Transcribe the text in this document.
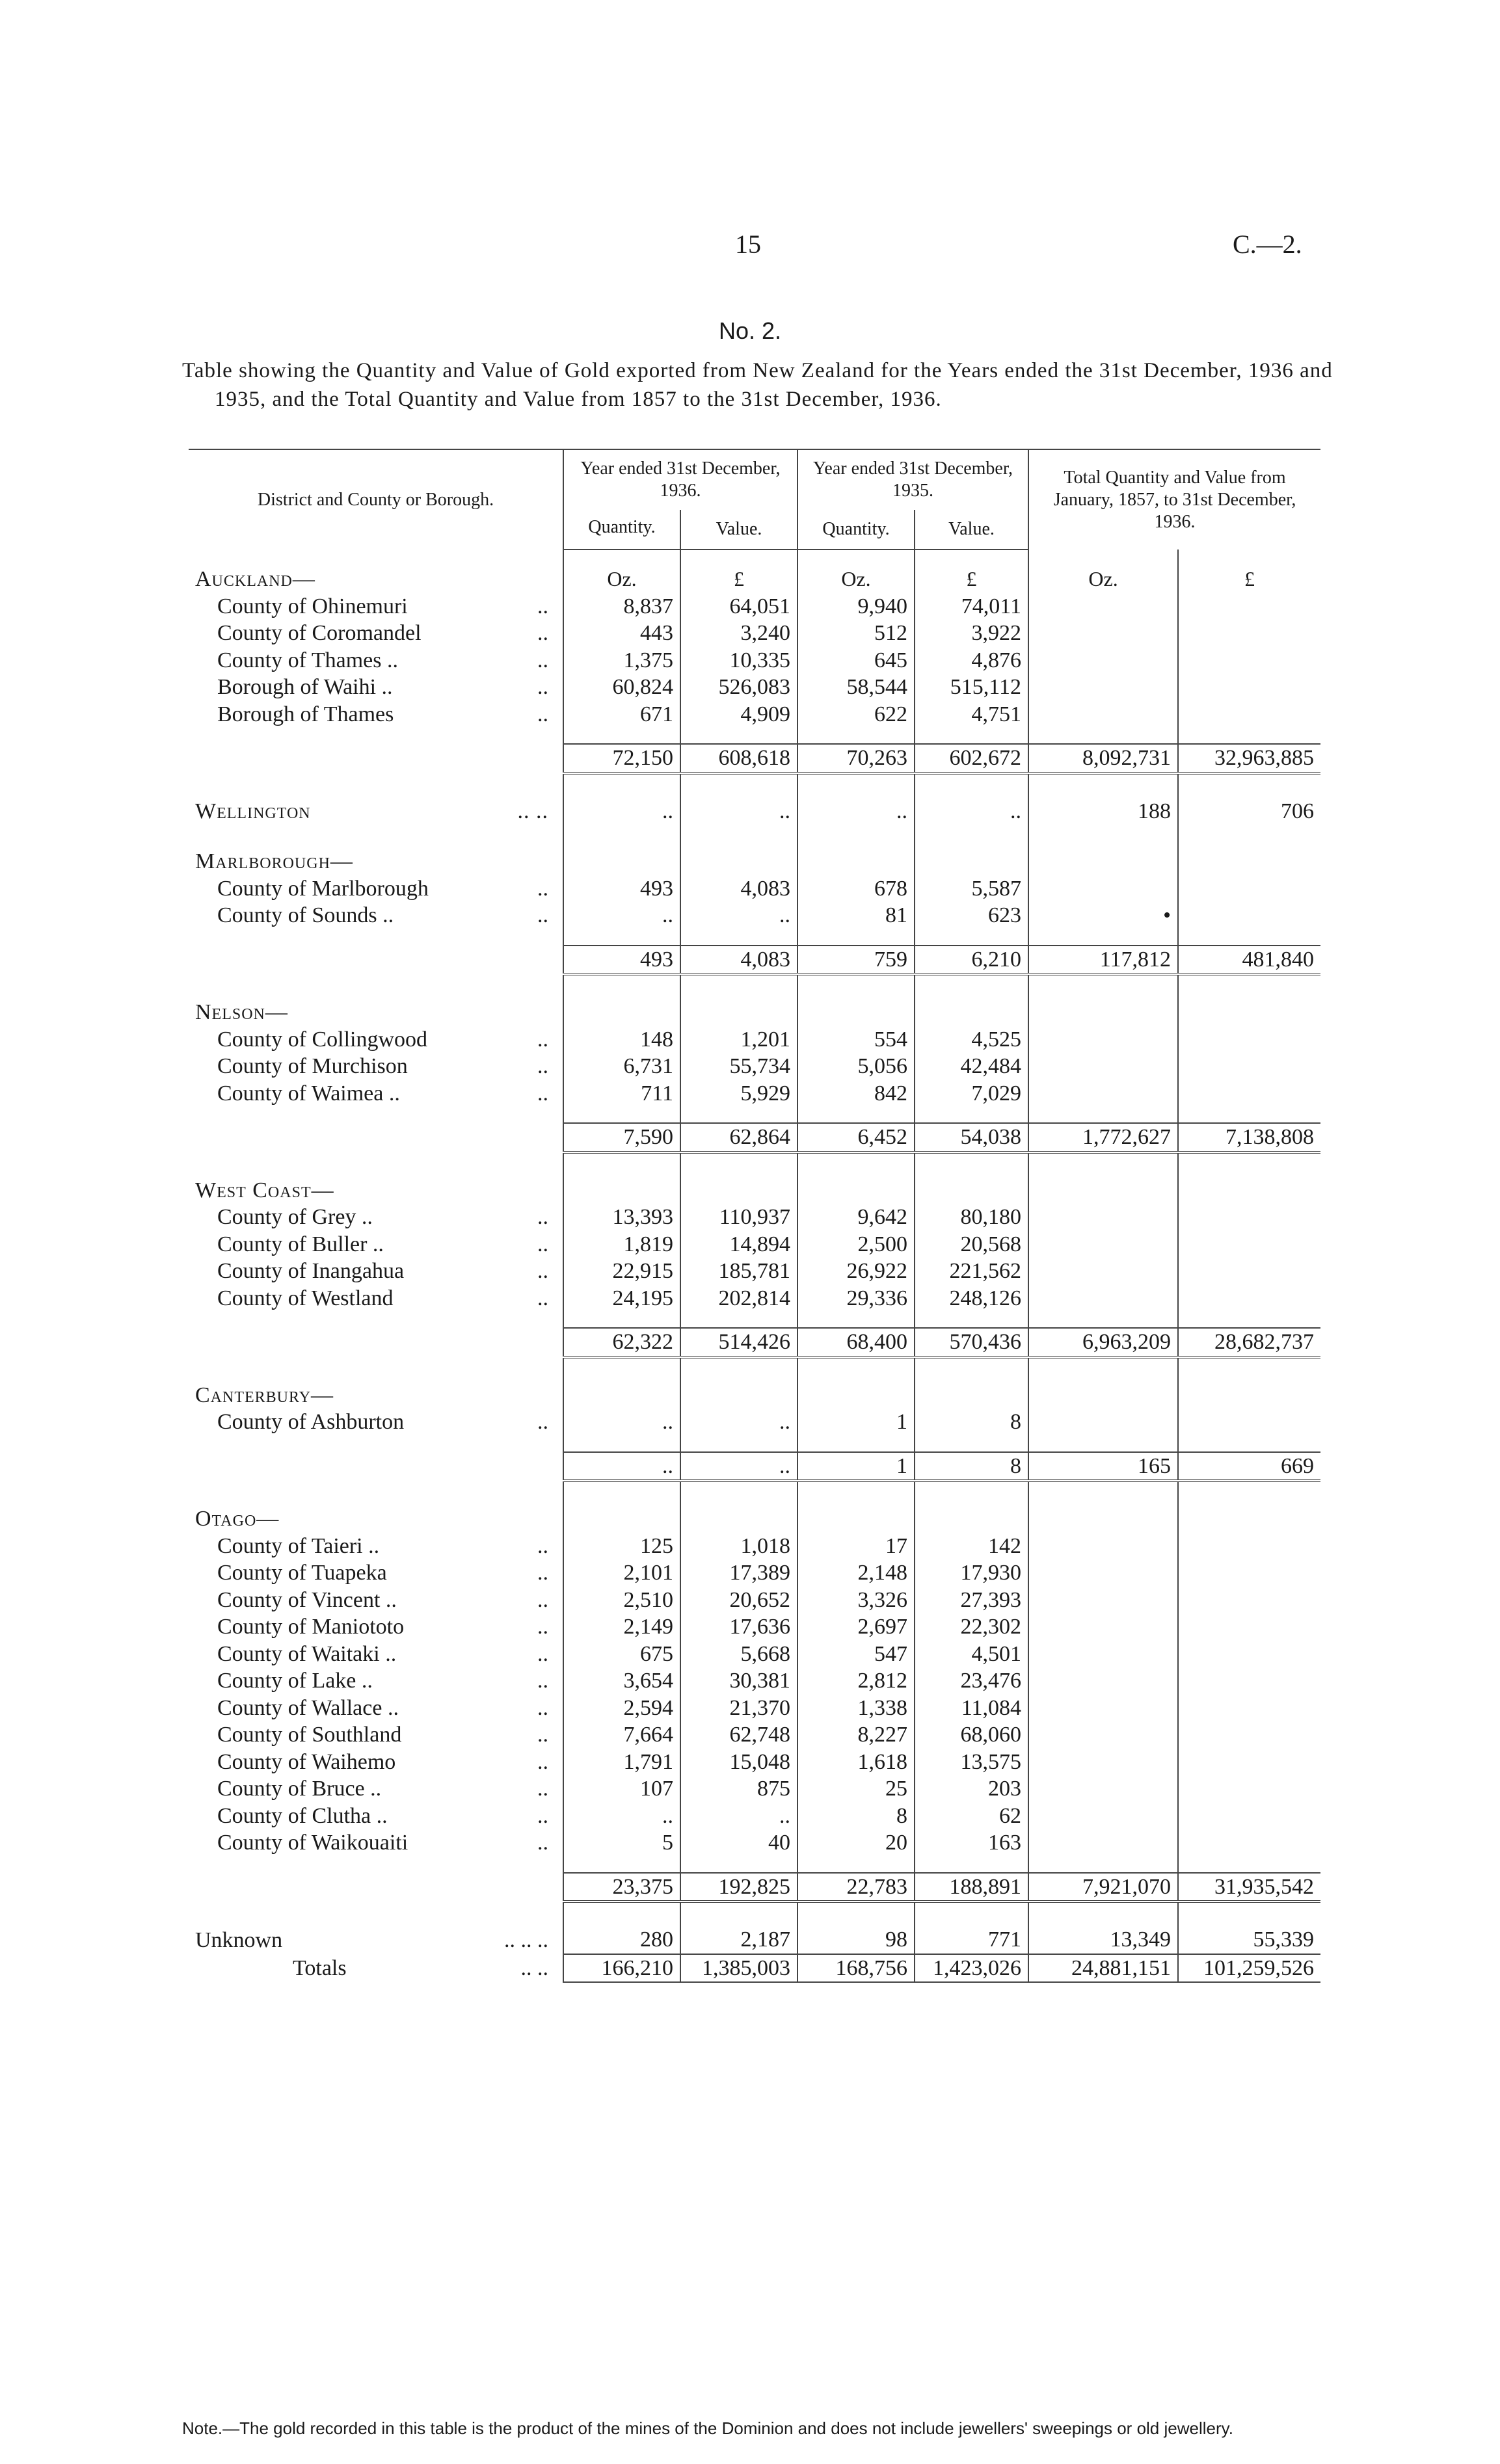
15	C.—2.
No. 2.
Table showing the Quantity and Value of Gold exported from New Zealand for the Years ended the 31st December, 1936 and 1935, and the Total Quantity and Value from 1857 to the 31st December, 1936.
District and County or Borough.	Year ended 31st December, 1936.		Year ended 31st December, 1935.		Total Quantity and Value from January, 1857, to 31st December, 1936.	
	Quantity.	Value.	Quantity.	Value.		

Auckland—	Oz.	£	Oz.	£	Oz.	£
County of Ohinemuri ..	8,837	64,051	9,940	74,011		
County of Coromandel ..	443	3,240	512	3,922		
County of Thames .. ..	1,375	10,335	645	4,876		
Borough of Waihi .. ..	60,824	526,083	58,544	515,112		
Borough of Thames ..	671	4,909	622	4,751		

	72,150	608,618	70,263	602,672	8,092,731	32,963,885

Wellington .. ..	..	..	..	..	188	706

Marlborough—						
County of Marlborough ..	493	4,083	678	5,587		
County of Sounds .. ..	..	..	81	623	•	

	493	4,083	759	6,210	117,812	481,840

Nelson—						
County of Collingwood ..	148	1,201	554	4,525		
County of Murchison ..	6,731	55,734	5,056	42,484		
County of Waimea .. ..	711	5,929	842	7,029		

	7,590	62,864	6,452	54,038	1,772,627	7,138,808

West Coast—						
County of Grey .. ..	13,393	110,937	9,642	80,180		
County of Buller .. ..	1,819	14,894	2,500	20,568		
County of Inangahua ..	22,915	185,781	26,922	221,562		
County of Westland ..	24,195	202,814	29,336	248,126		

	62,322	514,426	68,400	570,436	6,963,209	28,682,737

Canterbury—						
County of Ashburton ..	..	..	1	8		

	..	..	1	8	165	669

Otago—						
County of Taieri .. ..	125	1,018	17	142		
County of Tuapeka ..	2,101	17,389	2,148	17,930		
County of Vincent .. ..	2,510	20,652	3,326	27,393		
County of Maniototo ..	2,149	17,636	2,697	22,302		
County of Waitaki .. ..	675	5,668	547	4,501		
County of Lake .. ..	3,654	30,381	2,812	23,476		
County of Wallace .. ..	2,594	21,370	1,338	11,084		
County of Southland ..	7,664	62,748	8,227	68,060		
County of Waihemo ..	1,791	15,048	1,618	13,575		
County of Bruce .. ..	107	875	25	203		
County of Clutha .. ..	..	..	8	62		
County of Waikouaiti ..	5	40	20	163		

	23,375	192,825	22,783	188,891	7,921,070	31,935,542

Unknown .. .. ..	280	2,187	98	771	13,349	55,339
Totals .. ..	166,210	1,385,003	168,756	1,423,026	24,881,151	101,259,526
Note.—The gold recorded in this table is the product of the mines of the Dominion and does not include jewellers' sweepings or old jewellery.
